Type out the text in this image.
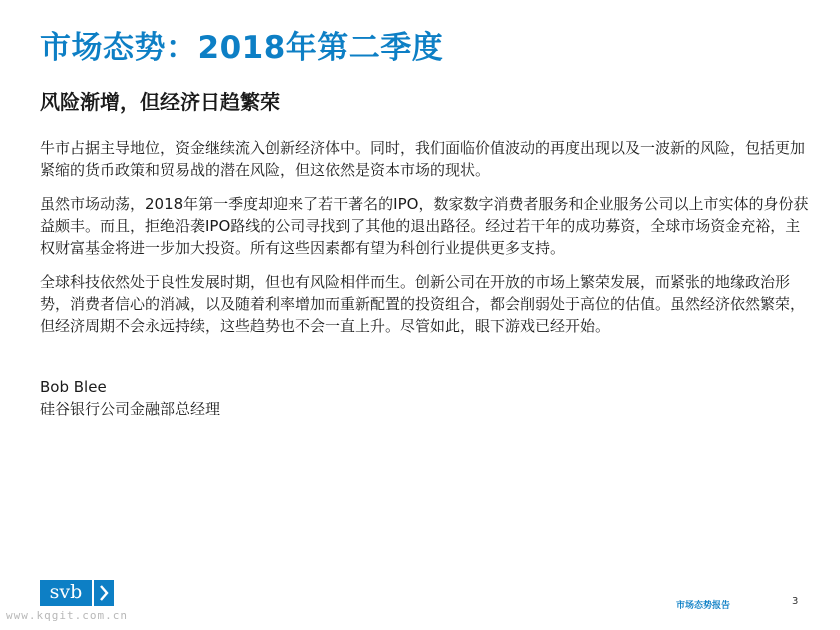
市场态势：2018年第二季度
风险渐增，但经济日趋繁荣

牛市占据主导地位，资金继续流入创新经济体中。同时，我们面临价值波动的再度出现以及一波新的风险，包括更加紧缩的货币政策和贸易战的潜在风险，但这依然是资本市场的现状。

虽然市场动荡，2018年第一季度却迎来了若干著名的IPO，数家数字消费者服务和企业服务公司以上市实体的身份获益颇丰。而且，拒绝沿袭IPO路线的公司寻找到了其他的退出路径。经过若干年的成功募资，全球市场资金充裕，主权财富基金将进一步加大投资。所有这些因素都有望为科创行业提供更多支持。

全球科技依然处于良性发展时期，但也有风险相伴而生。创新公司在开放的市场上繁荣发展，而紧张的地缘政治形势，消费者信心的消减，以及随着利率增加而重新配置的投资组合，都会削弱处于高位的估值。虽然经济依然繁荣，但经济周期不会永远持续，这些趋势也不会一直上升。尽管如此，眼下游戏已经开始。

Bob Blee
硅谷银行公司金融部总经理
svb
www.kqgit.com.cn
市场态势报告	3
